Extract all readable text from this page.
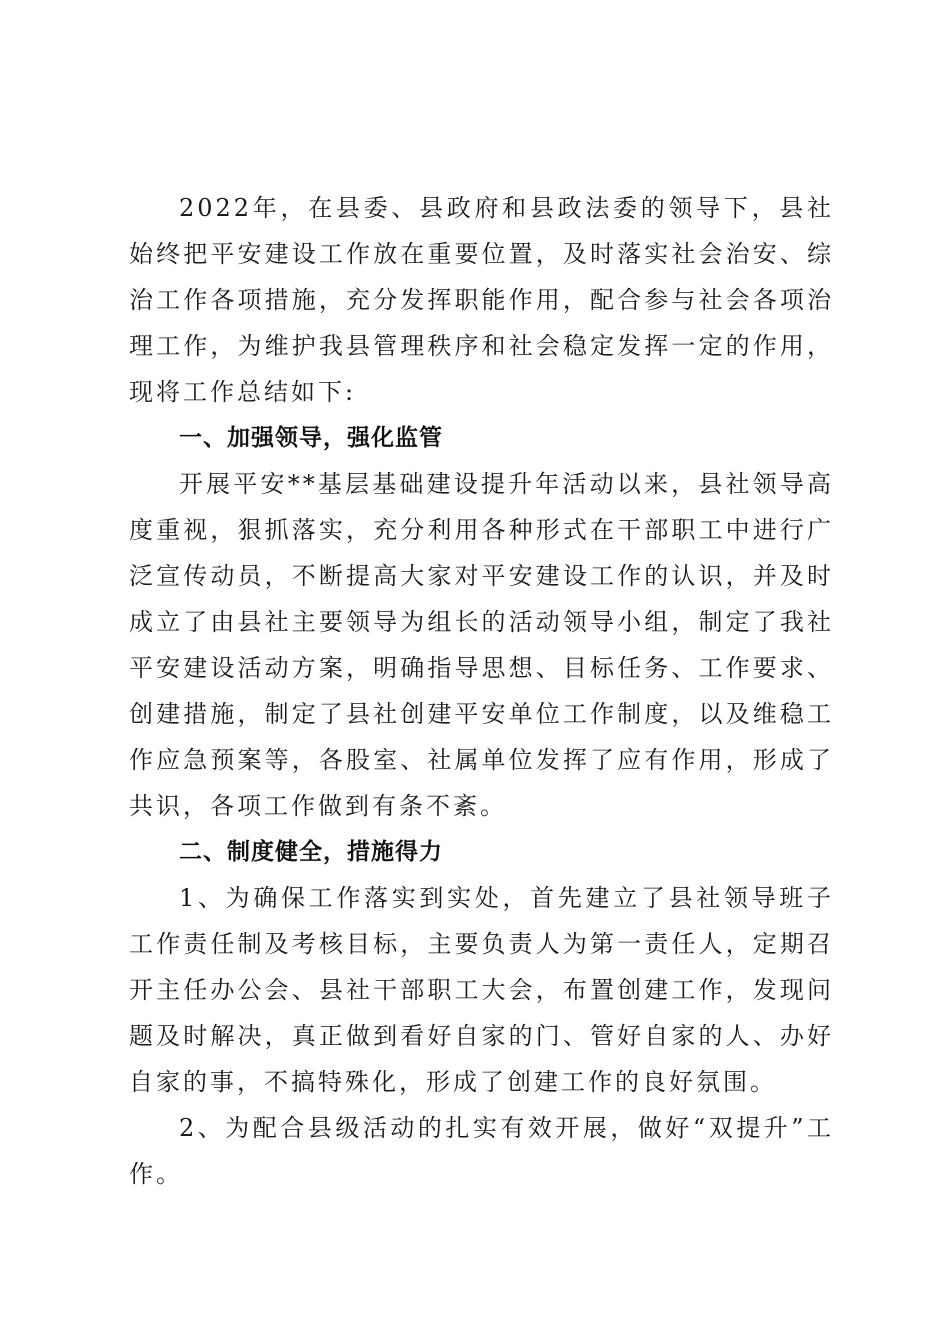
2022年，在县委、县政府和县政法委的领导下，县社始终把平安建设工作放在重要位置，及时落实社会治安、综治工作各项措施，充分发挥职能作用，配合参与社会各项治理工作，为维护我县管理秩序和社会稳定发挥一定的作用，现将工作总结如下:

一、加强领导，强化监管

开展平安**基层基础建设提升年活动以来，县社领导高度重视，狠抓落实，充分利用各种形式在干部职工中进行广泛宣传动员，不断提高大家对平安建设工作的认识，并及时成立了由县社主要领导为组长的活动领导小组，制定了我社平安建设活动方案，明确指导思想、目标任务、工作要求、创建措施，制定了县社创建平安单位工作制度，以及维稳工作应急预案等，各股室、社属单位发挥了应有作用，形成了共识，各项工作做到有条不紊。

二、制度健全，措施得力

1、为确保工作落实到实处，首先建立了县社领导班子工作责任制及考核目标，主要负责人为第一责任人，定期召开主任办公会、县社干部职工大会，布置创建工作，发现问题及时解决，真正做到看好自家的门、管好自家的人、办好自家的事，不搞特殊化，形成了创建工作的良好氛围。

2、为配合县级活动的扎实有效开展，做好“双提升”工作。
